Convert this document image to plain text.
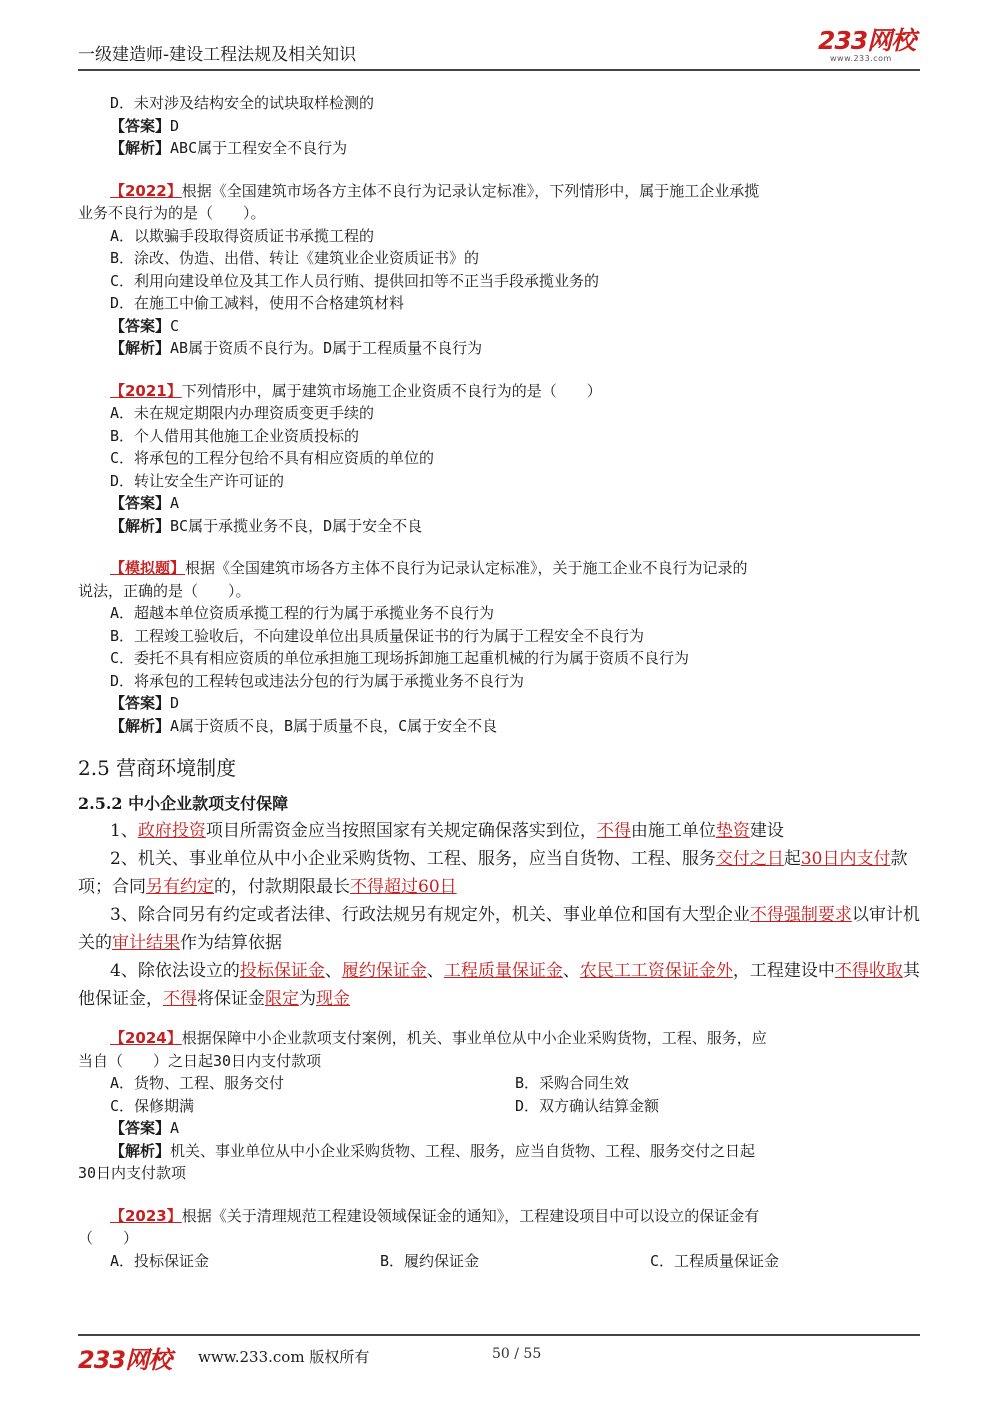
一级建造师-建设工程法规及相关知识	233网校
www.233.com
D．未对涉及结构安全的试块取样检测的
【答案】D
【解析】ABC属于工程安全不良行为
【2022】根据《全国建筑市场各方主体不良行为记录认定标准》，下列情形中，属于施工企业承揽
业务不良行为的是（　　）。
A．以欺骗手段取得资质证书承揽工程的
B．涂改、伪造、出借、转让《建筑业企业资质证书》的
C．利用向建设单位及其工作人员行贿、提供回扣等不正当手段承揽业务的
D．在施工中偷工减料，使用不合格建筑材料
【答案】C
【解析】AB属于资质不良行为。D属于工程质量不良行为
【2021】下列情形中，属于建筑市场施工企业资质不良行为的是（　　）
A．未在规定期限内办理资质变更手续的
B．个人借用其他施工企业资质投标的
C．将承包的工程分包给不具有相应资质的单位的
D．转让安全生产许可证的
【答案】A
【解析】BC属于承揽业务不良，D属于安全不良
【模拟题】根据《全国建筑市场各方主体不良行为记录认定标准》，关于施工企业不良行为记录的
说法，正确的是（　　）。
A．超越本单位资质承揽工程的行为属于承揽业务不良行为
B．工程竣工验收后，不向建设单位出具质量保证书的行为属于工程安全不良行为
C．委托不具有相应资质的单位承担施工现场拆卸施工起重机械的行为属于资质不良行为
D．将承包的工程转包或违法分包的行为属于承揽业务不良行为
【答案】D
【解析】A属于资质不良，B属于质量不良，C属于安全不良
2.5 营商环境制度
2.5.2 中小企业款项支付保障
1、政府投资项目所需资金应当按照国家有关规定确保落实到位，不得由施工单位垫资建设
2、机关、事业单位从中小企业采购货物、工程、服务，应当自货物、工程、服务交付之日起30日内支付款项；合同另有约定的，付款期限最长不得超过60日
3、除合同另有约定或者法律、行政法规另有规定外，机关、事业单位和国有大型企业不得强制要求以审计机关的审计结果作为结算依据
4、除依法设立的投标保证金、履约保证金、工程质量保证金、农民工工资保证金外，工程建设中不得收取其他保证金，不得将保证金限定为现金
【2024】根据保障中小企业款项支付案例，机关、事业单位从中小企业采购货物，工程、服务，应
当自（　　）之日起30日内支付款项
A．货物、工程、服务交付	B．采购合同生效
C．保修期满	D．双方确认结算金额
【答案】A
【解析】机关、事业单位从中小企业采购货物、工程、服务，应当自货物、工程、服务交付之日起
30日内支付款项
【2023】根据《关于清理规范工程建设领域保证金的通知》，工程建设项目中可以设立的保证金有
（　　）
A．投标保证金	B．履约保证金	C．工程质量保证金
233网校 www.233.com 版权所有	50 / 55
